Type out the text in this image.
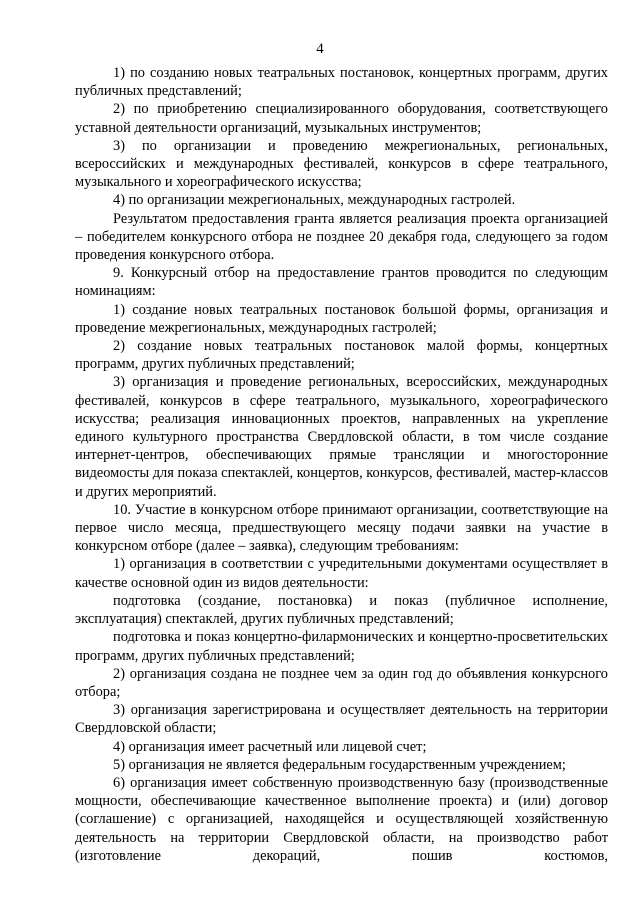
4

1) по созданию новых театральных постановок, концертных программ, других публичных представлений;

2) по приобретению специализированного оборудования, соответствующего уставной деятельности организаций, музыкальных инструментов;

3) по организации и проведению межрегиональных, региональных, всероссийских и международных фестивалей, конкурсов в сфере театрального, музыкального и хореографического искусства;

4) по организации межрегиональных, международных гастролей.

Результатом предоставления гранта является реализация проекта организацией – победителем конкурсного отбора не позднее 20 декабря года, следующего за годом проведения конкурсного отбора.

9. Конкурсный отбор на предоставление грантов проводится по следующим номинациям:

1) создание новых театральных постановок большой формы, организация и проведение межрегиональных, международных гастролей;

2) создание новых театральных постановок малой формы, концертных программ, других публичных представлений;

3) организация и проведение региональных, всероссийских, международных фестивалей, конкурсов в сфере театрального, музыкального, хореографического искусства; реализация инновационных проектов, направленных на укрепление единого культурного пространства Свердловской области, в том числе создание интернет-центров, обеспечивающих прямые трансляции и многосторонние видеомосты для показа спектаклей, концертов, конкурсов, фестивалей, мастер-классов и других мероприятий.

10. Участие в конкурсном отборе принимают организации, соответствующие на первое число месяца, предшествующего месяцу подачи заявки на участие в конкурсном отборе (далее – заявка), следующим требованиям:

1) организация в соответствии с учредительными документами осуществляет в качестве основной один из видов деятельности:

подготовка (создание, постановка) и показ (публичное исполнение, эксплуатация) спектаклей, других публичных представлений;

подготовка и показ концертно-филармонических и концертно-просветительских программ, других публичных представлений;

2) организация создана не позднее чем за один год до объявления конкурсного отбора;

3) организация зарегистрирована и осуществляет деятельность на территории Свердловской области;

4) организация имеет расчетный или лицевой счет;

5) организация не является федеральным государственным учреждением;

6) организация имеет собственную производственную базу (производственные мощности, обеспечивающие качественное выполнение проекта) и (или) договор (соглашение) с организацией, находящейся и осуществляющей хозяйственную деятельность на территории Свердловской области, на производство работ (изготовление декораций, пошив костюмов,
